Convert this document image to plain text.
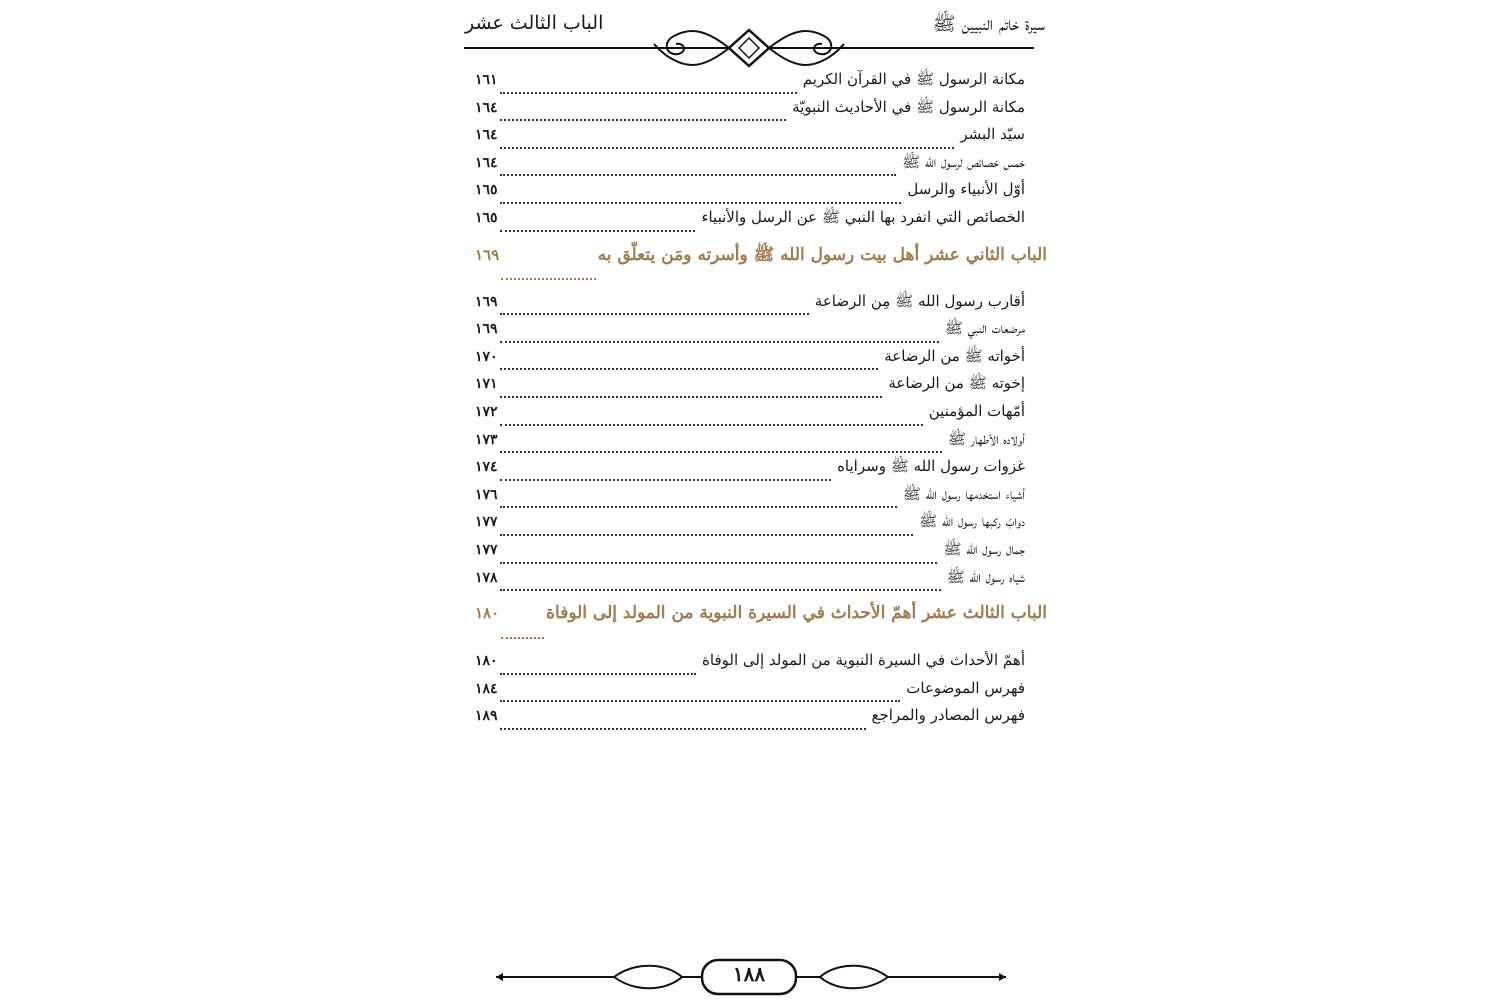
سيرة خاتم النبيين ﷺ
الباب الثالث عشر
مكانة الرسول ﷺ في القرآن الكريم
١٦١
مكانة الرسول ﷺ في الأحاديث النبويّة
١٦٤
سيّد البشر
١٦٤
خمس خصائص لرسول الله ﷺ
١٦٤
أوّل الأنبياء والرسل
١٦٥
الخصائص التي انفرد بها النبي ﷺ عن الرسل والأنبياء
١٦٥
الباب الثاني عشر أهل بيت رسول الله ﷺ وأسرته ومَن يتعلّق به
١٦٩
أقارب رسول الله ﷺ مِن الرضاعة
١٦٩
مرضعات النبي ﷺ
١٦٩
أخواته ﷺ من الرضاعة
١٧٠
إخوته ﷺ من الرضاعة
١٧١
أمّهات المؤمنين
١٧٢
أولاده الأطهار ﷺ
١٧٣
غزوات رسول الله ﷺ وسراياه
١٧٤
أشياء استخدمها رسول الله ﷺ
١٧٦
دوابّ ركبها رسول الله ﷺ
١٧٧
جمال رسول الله ﷺ
١٧٧
شياه رسول الله ﷺ
١٧٨
الباب الثالث عشر أهمّ الأحداث في السيرة النبوية من المولد إلى الوفاة
١٨٠
أهمّ الأحداث في السيرة النبوية من المولد إلى الوفاة
١٨٠
فهرس الموضوعات
١٨٤
فهرس المصادر والمراجع
١٨٩
١٨٨
